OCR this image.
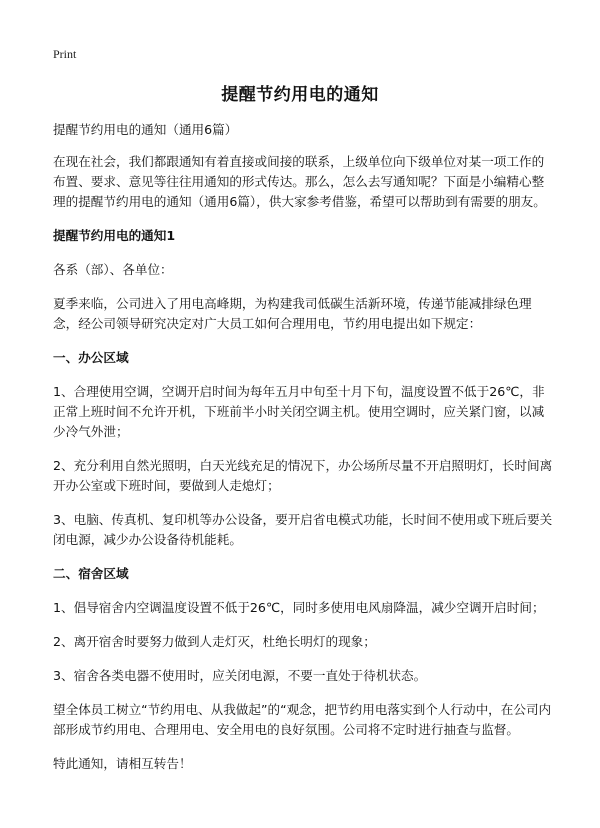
Print
提醒节约用电的通知

提醒节约用电的通知（通用6篇）

在现在社会，我们都跟通知有着直接或间接的联系，上级单位向下级单位对某一项工作的布置、要求、意见等往往用通知的形式传达。那么，怎么去写通知呢？下面是小编精心整理的提醒节约用电的通知（通用6篇），供大家参考借鉴，希望可以帮助到有需要的朋友。

提醒节约用电的通知1

各系（部）、各单位：

夏季来临，公司进入了用电高峰期，为构建我司低碳生活新环境，传递节能减排绿色理念，经公司领导研究决定对广大员工如何合理用电，节约用电提出如下规定：

一、办公区域

1、合理使用空调，空调开启时间为每年五月中旬至十月下旬，温度设置不低于26℃，非正常上班时间不允许开机，下班前半小时关闭空调主机。使用空调时，应关紧门窗，以减少冷气外泄；

2、充分利用自然光照明，白天光线充足的情况下，办公场所尽量不开启照明灯，长时间离开办公室或下班时间，要做到人走熄灯；

3、电脑、传真机、复印机等办公设备，要开启省电模式功能，长时间不使用或下班后要关闭电源，减少办公设备待机能耗。

二、宿舍区域

1、倡导宿舍内空调温度设置不低于26℃，同时多使用电风扇降温，减少空调开启时间；

2、离开宿舍时要努力做到人走灯灭，杜绝长明灯的现象；

3、宿舍各类电器不使用时，应关闭电源，不要一直处于待机状态。

望全体员工树立“节约用电、从我做起”的“观念，把节约用电落实到个人行动中，在公司内部形成节约用电、合理用电、安全用电的良好氛围。公司将不定时进行抽查与监督。

特此通知，请相互转告！
